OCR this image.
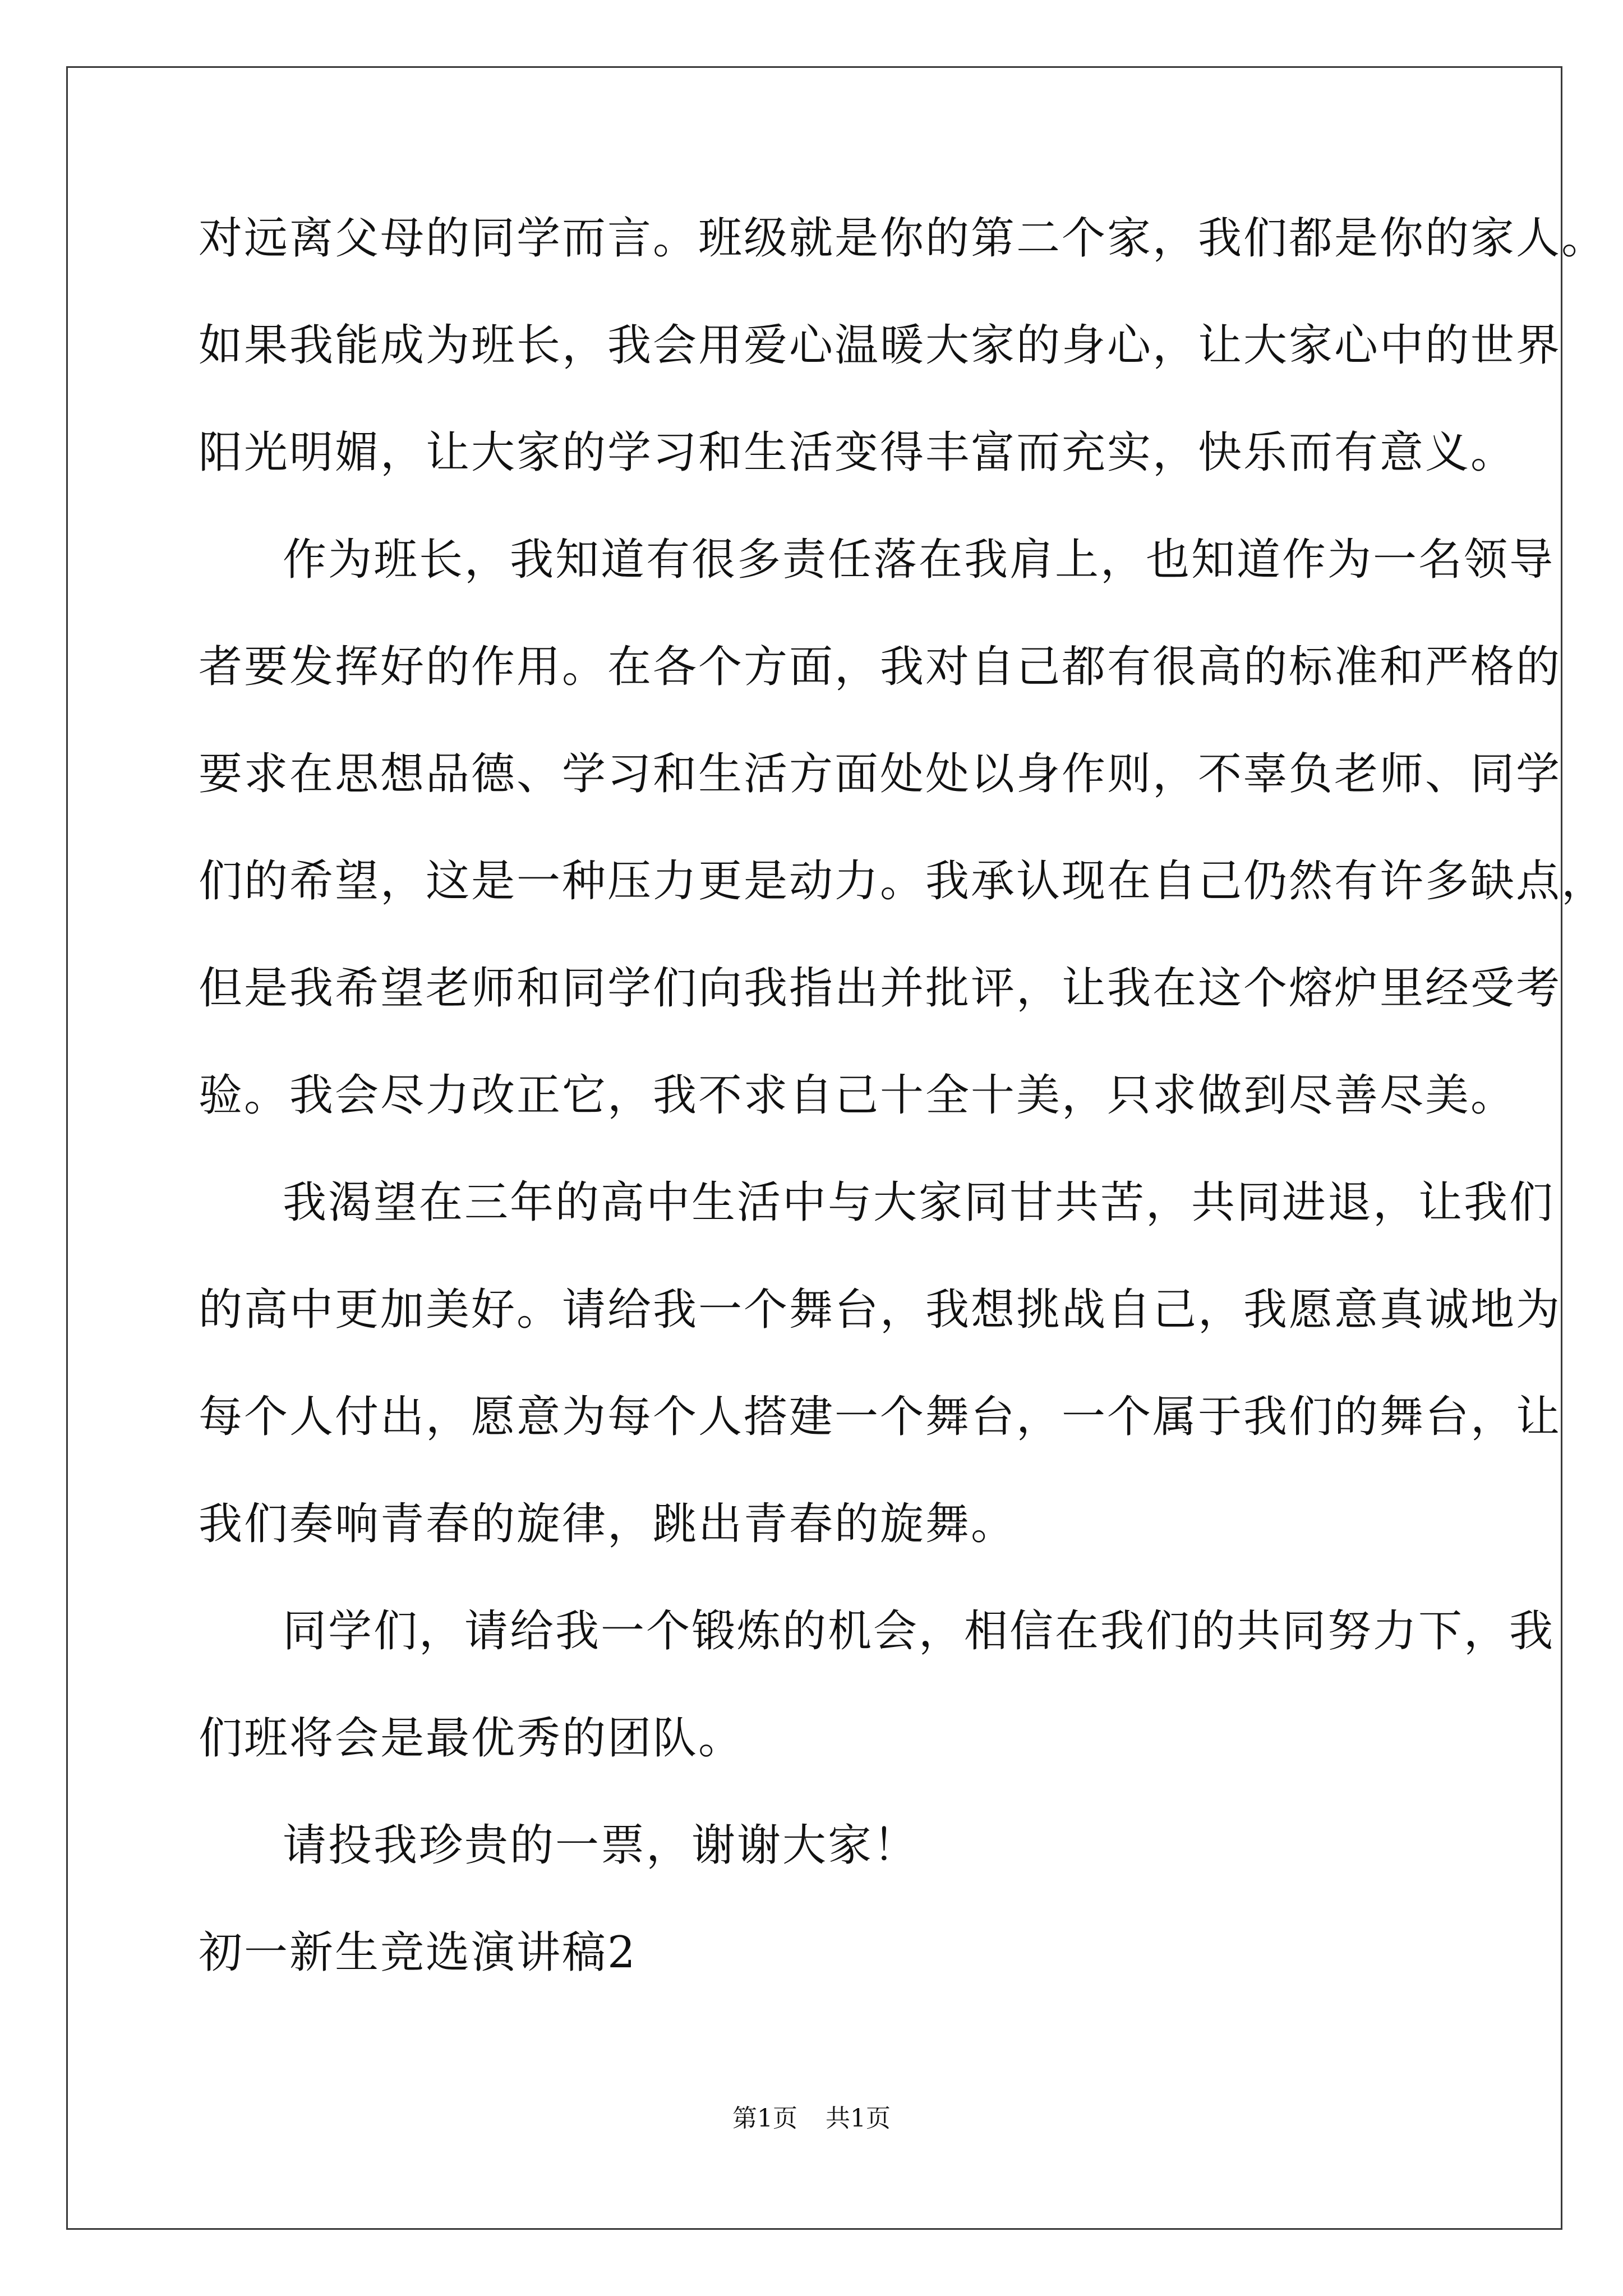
对远离父母的同学而言。班级就是你的第二个家，我们都是你的家人。

如果我能成为班长，我会用爱心温暖大家的身心，让大家心中的世界

阳光明媚，让大家的学习和生活变得丰富而充实，快乐而有意义。

作为班长，我知道有很多责任落在我肩上，也知道作为一名领导

者要发挥好的作用。在各个方面，我对自己都有很高的标准和严格的

要求在思想品德、学习和生活方面处处以身作则，不辜负老师、同学

们的希望，这是一种压力更是动力。我承认现在自己仍然有许多缺点，

但是我希望老师和同学们向我指出并批评，让我在这个熔炉里经受考

验。我会尽力改正它，我不求自己十全十美，只求做到尽善尽美。

我渴望在三年的高中生活中与大家同甘共苦，共同进退，让我们

的高中更加美好。请给我一个舞台，我想挑战自己，我愿意真诚地为

每个人付出，愿意为每个人搭建一个舞台，一个属于我们的舞台，让

我们奏响青春的旋律，跳出青春的旋舞。

同学们，请给我一个锻炼的机会，相信在我们的共同努力下，我

们班将会是最优秀的团队。

请投我珍贵的一票，谢谢大家！

初一新生竞选演讲稿2

第1页 共1页
